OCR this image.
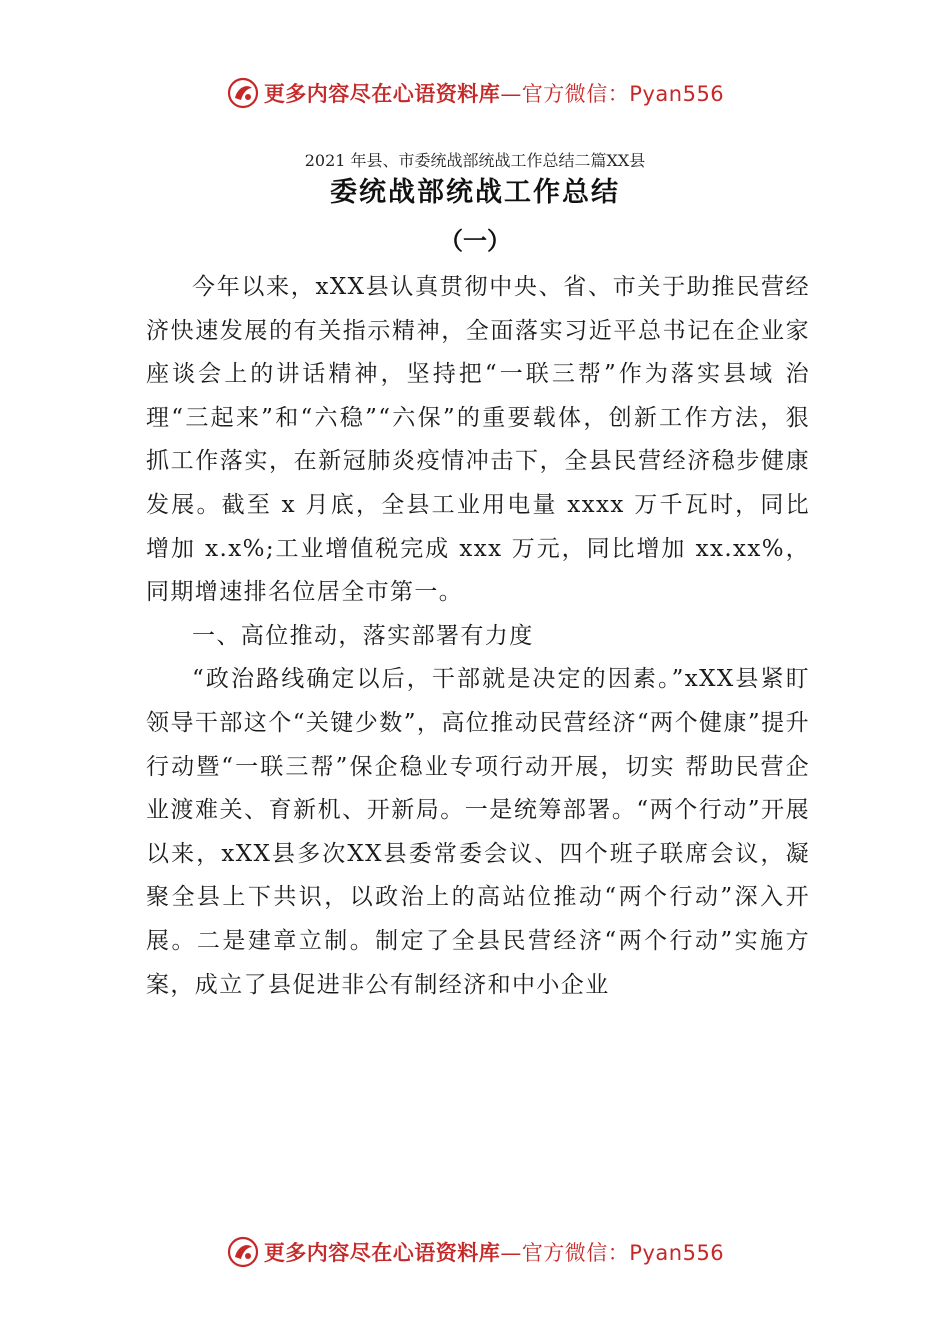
更多内容尽在心语资料库—官方微信：Pyan556
2021 年县、市委统战部统战工作总结二篇XX县
委统战部统战工作总结
（一）

今年以来，xXX县认真贯彻中央、省、市关于助推民营经济快速发展的有关指示精神，全面落实习近平总书记在企业家座谈会上的讲话精神，坚持把“一联三帮”作为落实县域 治理“三起来”和“六稳”“六保”的重要载体，创新工作方法，狠抓工作落实，在新冠肺炎疫情冲击下，全县民营经济稳步健康发展。截至 x 月底，全县工业用电量 xxxx 万千瓦时，同比增加 x.x%;工业增值税完成 xxx 万元，同比增加 xx.xx%，同期增速排名位居全市第一。

一、高位推动，落实部署有力度

“政治路线确定以后，干部就是决定的因素。”xXX县紧盯领导干部这个“关键少数”，高位推动民营经济“两个健康”提升行动暨“一联三帮”保企稳业专项行动开展，切实 帮助民营企业渡难关、育新机、开新局。一是统筹部署。“两个行动”开展以来，xXX县多次XX县委常委会议、四个班子联席会议，凝聚全县上下共识，以政治上的高站位推动“两个行动”深入开展。二是建章立制。制定了全县民营经济“两个行动”实施方案，成立了县促进非公有制经济和中小企业

更多内容尽在心语资料库—官方微信：Pyan556
